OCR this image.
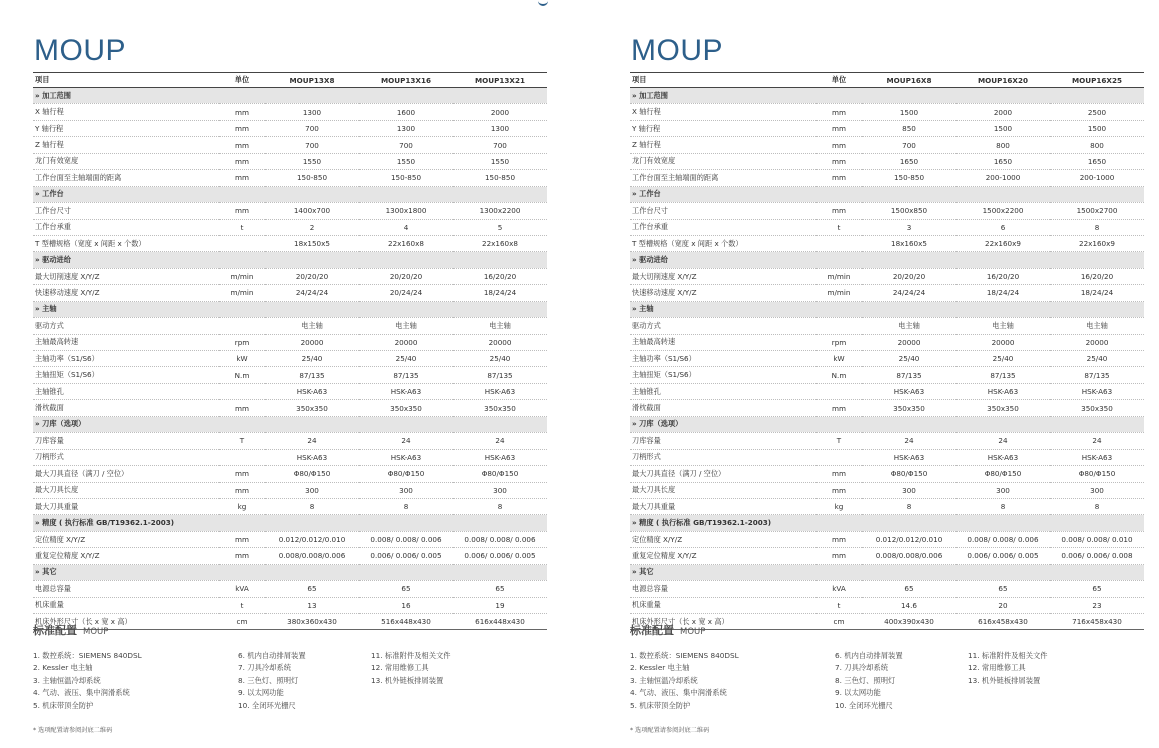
MOUP
项目	单位	MOUP13X8	MOUP13X16	MOUP13X21
» 加工范围				
X 轴行程	mm	1300	1600	2000
Y 轴行程	mm	700	1300	1300
Z 轴行程	mm	700	700	700
龙门有效宽度	mm	1550	1550	1550
工作台面至主轴端面的距离	mm	150-850	150-850	150-850
» 工作台				
工作台尺寸	mm	1400x700	1300x1800	1300x2200
工作台承重	t	2	4	5
T 型槽规格（宽度 x 间距 x 个数）		18x150x5	22x160x8	22x160x8
» 驱动进给				
最大切削速度 X/Y/Z	m/min	20/20/20	20/20/20	16/20/20
快速移动速度 X/Y/Z	m/min	24/24/24	20/24/24	18/24/24
» 主轴				
驱动方式		电主轴	电主轴	电主轴
主轴最高转速	rpm	20000	20000	20000
主轴功率（S1/S6）	kW	25/40	25/40	25/40
主轴扭矩（S1/S6）	N.m	87/135	87/135	87/135
主轴锥孔		HSK-A63	HSK-A63	HSK-A63
滑枕截面	mm	350x350	350x350	350x350
» 刀库（选项）				
刀库容量	T	24	24	24
刀柄形式		HSK-A63	HSK-A63	HSK-A63
最大刀具直径（满刀 / 空位）	mm	Φ80/Φ150	Φ80/Φ150	Φ80/Φ150
最大刀具长度	mm	300	300	300
最大刀具重量	kg	8	8	8
» 精度 ( 执行标准 GB/T19362.1-2003)				
定位精度 X/Y/Z	mm	0.012/0.012/0.010	0.008/ 0.008/ 0.006	0.008/ 0.008/ 0.006
重复定位精度 X/Y/Z	mm	0.008/0.008/0.006	0.006/ 0.006/ 0.005	0.006/ 0.006/ 0.005
» 其它				
电源总容量	kVA	65	65	65
机床重量	t	13	16	19
机床外形尺寸（长 x 宽 x 高）	cm	380x360x430	516x448x430	616x448x430
标准配置 MOUP
1. 数控系统：SIEMENS 840DSL
2. Kessler 电主轴
3. 主轴恒温冷却系统
4. 气动、液压、集中润滑系统
5. 机床带顶全防护
6. 机内自动排屑装置
7. 刀具冷却系统
8. 三色灯、照明灯
9. 以太网功能
10. 全闭环光栅尺
11. 标准附件及相关文件
12. 常用维修工具
13. 机外链板排屑装置
* 选项配置请参阅封底二维码
MOUP
项目	单位	MOUP16X8	MOUP16X20	MOUP16X25
» 加工范围				
X 轴行程	mm	1500	2000	2500
Y 轴行程	mm	850	1500	1500
Z 轴行程	mm	700	800	800
龙门有效宽度	mm	1650	1650	1650
工作台面至主轴端面的距离	mm	150-850	200-1000	200-1000
» 工作台				
工作台尺寸	mm	1500x850	1500x2200	1500x2700
工作台承重	t	3	6	8
T 型槽规格（宽度 x 间距 x 个数）		18x160x5	22x160x9	22x160x9
» 驱动进给				
最大切削速度 X/Y/Z	m/min	20/20/20	16/20/20	16/20/20
快速移动速度 X/Y/Z	m/min	24/24/24	18/24/24	18/24/24
» 主轴				
驱动方式		电主轴	电主轴	电主轴
主轴最高转速	rpm	20000	20000	20000
主轴功率（S1/S6）	kW	25/40	25/40	25/40
主轴扭矩（S1/S6）	N.m	87/135	87/135	87/135
主轴锥孔		HSK-A63	HSK-A63	HSK-A63
滑枕截面	mm	350x350	350x350	350x350
» 刀库（选项）				
刀库容量	T	24	24	24
刀柄形式		HSK-A63	HSK-A63	HSK-A63
最大刀具直径（满刀 / 空位）	mm	Φ80/Φ150	Φ80/Φ150	Φ80/Φ150
最大刀具长度	mm	300	300	300
最大刀具重量	kg	8	8	8
» 精度 ( 执行标准 GB/T19362.1-2003)				
定位精度 X/Y/Z	mm	0.012/0.012/0.010	0.008/ 0.008/ 0.006	0.008/ 0.008/ 0.010
重复定位精度 X/Y/Z	mm	0.008/0.008/0.006	0.006/ 0.006/ 0.005	0.006/ 0.006/ 0.008
» 其它				
电源总容量	kVA	65	65	65
机床重量	t	14.6	20	23
机床外形尺寸（长 x 宽 x 高）	cm	400x390x430	616x458x430	716x458x430
标准配置 MOUP
1. 数控系统：SIEMENS 840DSL
2. Kessler 电主轴
3. 主轴恒温冷却系统
4. 气动、液压、集中润滑系统
5. 机床带顶全防护
6. 机内自动排屑装置
7. 刀具冷却系统
8. 三色灯、照明灯
9. 以太网功能
10. 全闭环光栅尺
11. 标准附件及相关文件
12. 常用维修工具
13. 机外链板排屑装置
* 选项配置请参阅封底二维码
